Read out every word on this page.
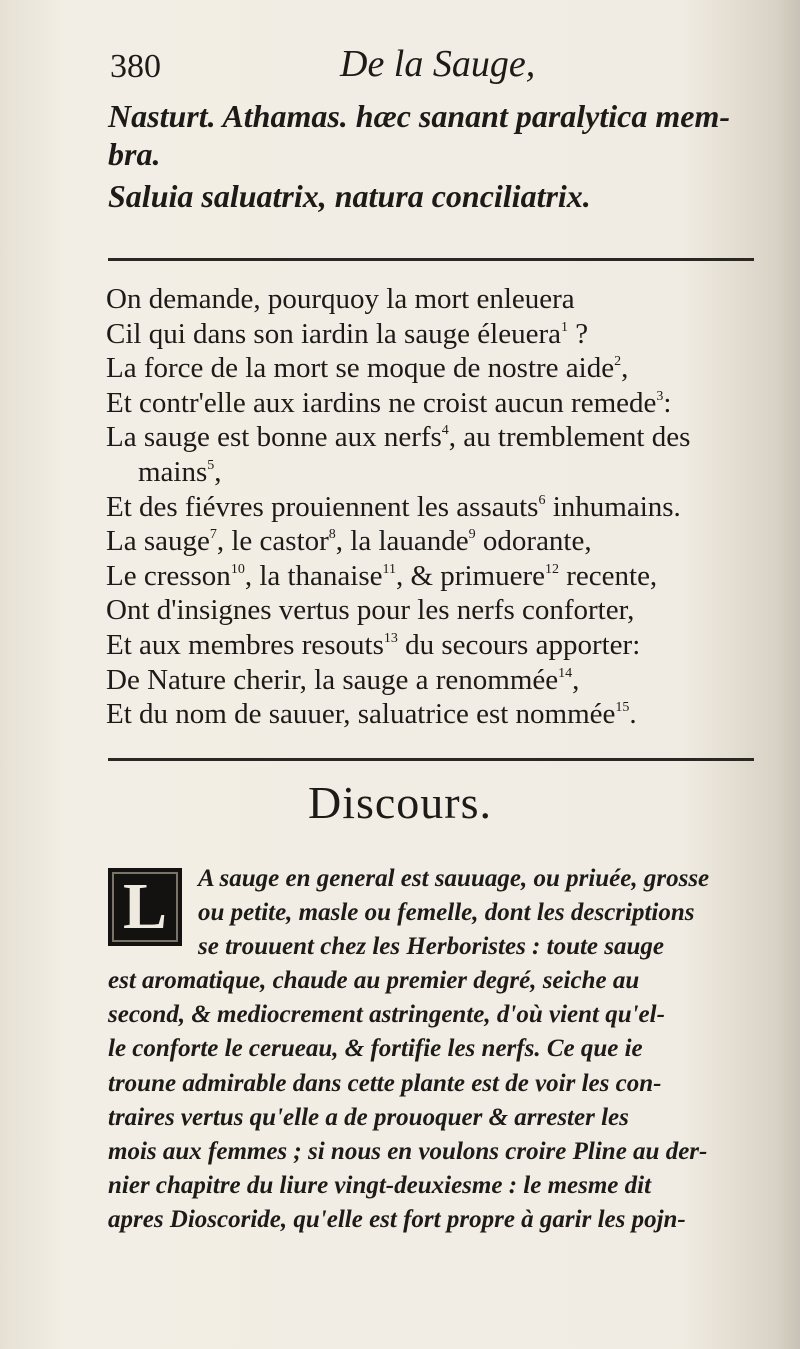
380	De la Sauge,
Nasturt. Athamas. hæc sanant paralytica mem-
bra.
Saluia saluatrix, natura conciliatrix.
On demande, pourquoy la mort enleuera
Cil qui dans son iardin la sauge éleuera$^1$ ?
La force de la mort se moque de nostre aide$^2$,
Et contr'elle aux iardins ne croist aucun remede$^3$:
La sauge est bonne aux nerfs$^4$, au tremblement des
mains$^5$,
Et des fiévres prouiennent les assauts$^6$ inhumains.
La sauge$^7$, le castor$^8$, la lauande$^9$ odorante,
Le cresson$^{10}$, la thanaise$^{11}$, & primuere$^{12}$ recente,
Ont d'insignes vertus pour les nerfs conforter,
Et aux membres resouts$^{13}$ du secours apporter:
De Nature cherir, la sauge a renommée$^{14}$,
Et du nom de sauuer, saluatrice est nommée$^{15}$.
Discours.
L	A sauge en general est sauuage, ou priuée, grosse
ou petite, masle ou femelle, dont les descriptions
se trouuent chez les Herboristes : toute sauge
est aromatique, chaude au premier degré, seiche au
second, & mediocrement astringente, d'où vient qu'el-
le conforte le cerueau, & fortifie les nerfs. Ce que ie
troune admirable dans cette plante est de voir les con-
traires vertus qu'elle a de prouoquer & arrester les
mois aux femmes ; si nous en voulons croire Pline au der-
nier chapitre du liure vingt-deuxiesme : le mesme dit
apres Dioscoride, qu'elle est fort propre à garir les pojn-
